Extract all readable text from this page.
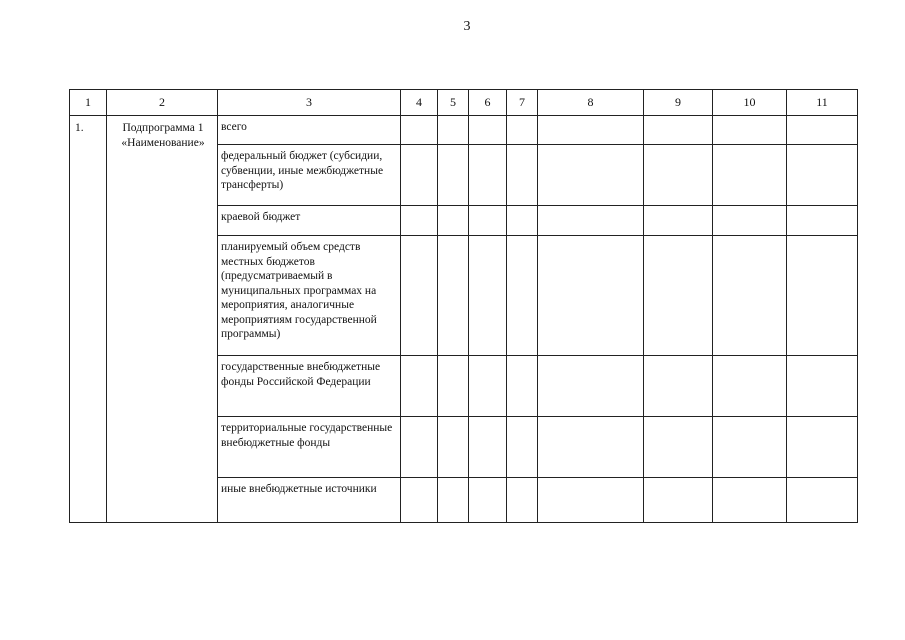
3
1	2	3	4	5	6	7	8	9	10	11
1.	Подпрограмма 1 «Наименование»	всего								
		федеральный бюджет (субсидии, субвенции, иные межбюджетные трансферты)								
		краевой бюджет								
		планируемый объем средств местных бюджетов (предусматриваемый в муниципальных программах на мероприятия, аналогичные мероприятиям государственной программы)								
		государственные внебюджетные фонды Российской Федерации								
		территориальные государственные внебюджетные фонды								
		иные внебюджетные источники								
